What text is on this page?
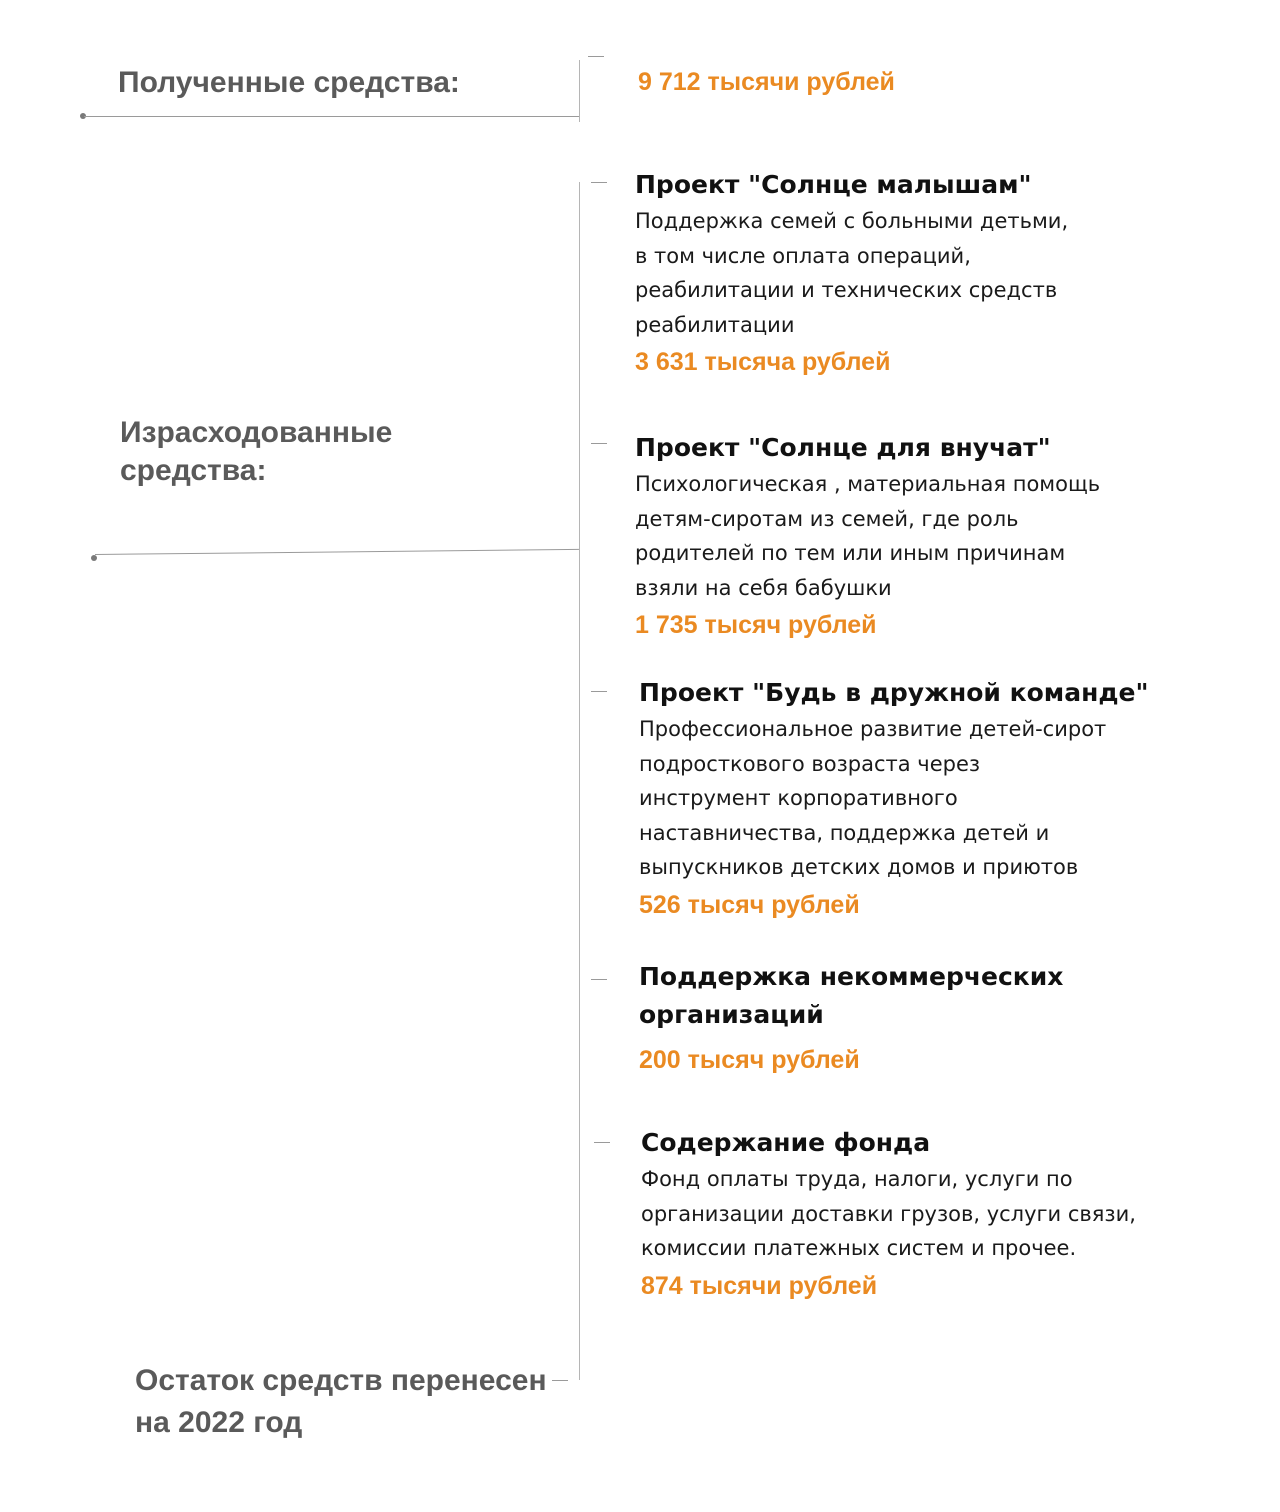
Полученные средства:
Израсходованные
средства:
Остаток средств перенесен
на 2022 год
9 712 тысячи рублей
Проект "Солнце малышам"
Поддержка семей с больными детьми,
в том числе оплата операций,
реабилитации и технических средств
реабилитации
3 631 тысяча рублей
Проект "Солнце для внучат"
Психологическая , материальная помощь
детям-сиротам из семей, где роль
родителей по тем или иным причинам
взяли на себя бабушки
1 735 тысяч рублей
Проект "Будь в дружной команде"
Профессиональное развитие детей-сирот
подросткового возраста через
инструмент корпоративного
наставничества, поддержка детей и
выпускников детских домов и приютов
526 тысяч рублей
Поддержка некоммерческих
организаций
200 тысяч рублей
Содержание фонда
Фонд оплаты труда, налоги, услуги по
организации доставки грузов, услуги связи,
комиссии платежных систем и прочее.
874 тысячи рублей
